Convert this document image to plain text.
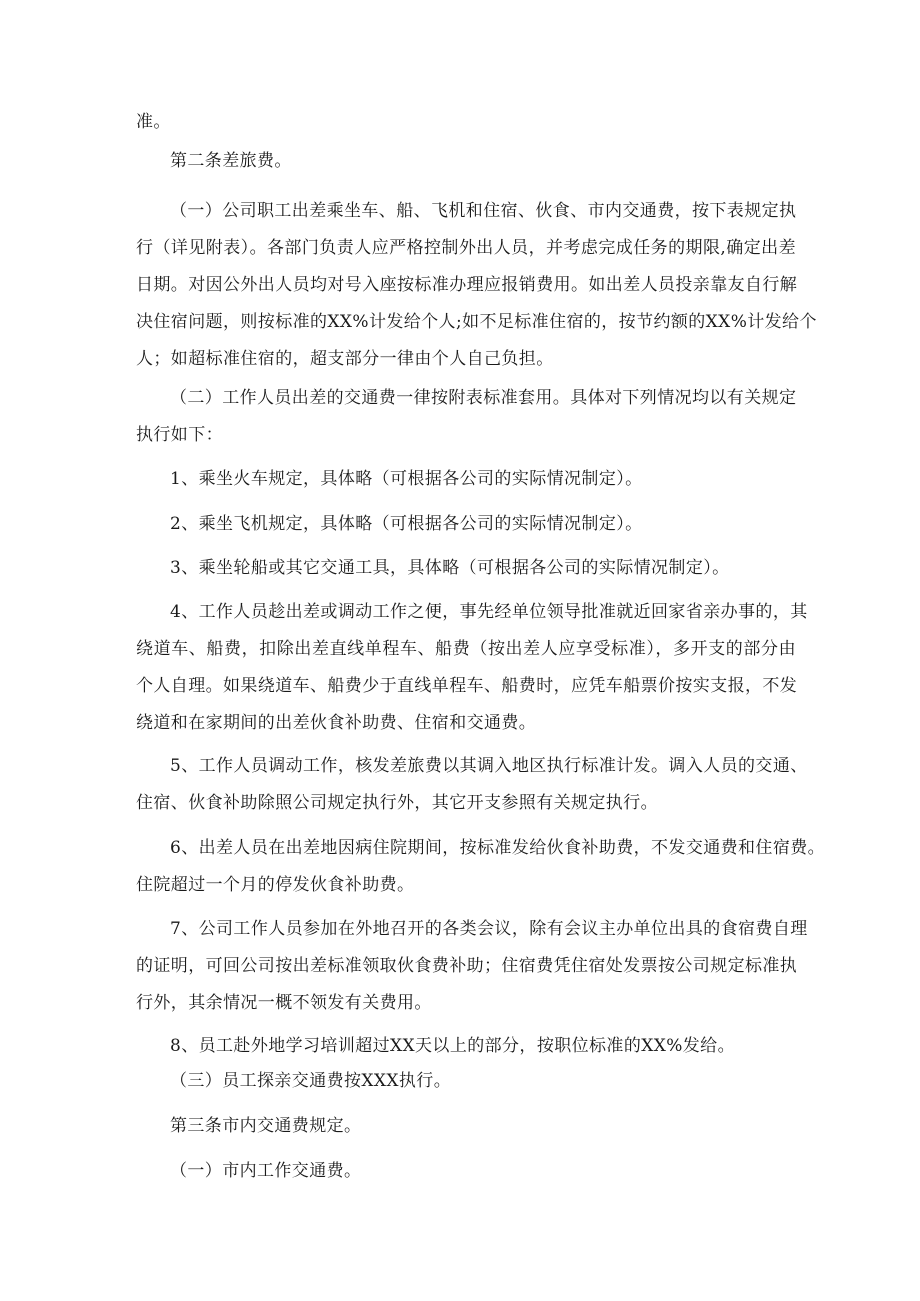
准。

第二条差旅费。

（一）公司职工出差乘坐车、船、飞机和住宿、伙食、市内交通费，按下表规定执
行（详见附表）。各部门负责人应严格控制外出人员，并考虑完成任务的期限,确定出差
日期。对因公外出人员均对号入座按标准办理应报销费用。如出差人员投亲靠友自行解
决住宿问题，则按标准的XX%计发给个人;如不足标准住宿的，按节约额的XX%计发给个
人；如超标准住宿的，超支部分一律由个人自己负担。

（二）工作人员出差的交通费一律按附表标准套用。具体对下列情况均以有关规定
执行如下：

1、乘坐火车规定，具体略（可根据各公司的实际情况制定）。

2、乘坐飞机规定，具体略（可根据各公司的实际情况制定）。

3、乘坐轮船或其它交通工具，具体略（可根据各公司的实际情况制定）。

4、工作人员趁出差或调动工作之便，事先经单位领导批准就近回家省亲办事的，其
绕道车、船费，扣除出差直线单程车、船费（按出差人应享受标准），多开支的部分由
个人自理。如果绕道车、船费少于直线单程车、船费时，应凭车船票价按实支报，不发
绕道和在家期间的出差伙食补助费、住宿和交通费。

5、工作人员调动工作，核发差旅费以其调入地区执行标准计发。调入人员的交通、
住宿、伙食补助除照公司规定执行外，其它开支参照有关规定执行。

6、出差人员在出差地因病住院期间，按标准发给伙食补助费，不发交通费和住宿费。
住院超过一个月的停发伙食补助费。

7、公司工作人员参加在外地召开的各类会议，除有会议主办单位出具的食宿费自理
的证明，可回公司按出差标准领取伙食费补助；住宿费凭住宿处发票按公司规定标准执
行外，其余情况一概不领发有关费用。

8、员工赴外地学习培训超过XX天以上的部分，按职位标准的XX%发给。

（三）员工探亲交通费按XXX执行。

第三条市内交通费规定。

（一）市内工作交通费。
